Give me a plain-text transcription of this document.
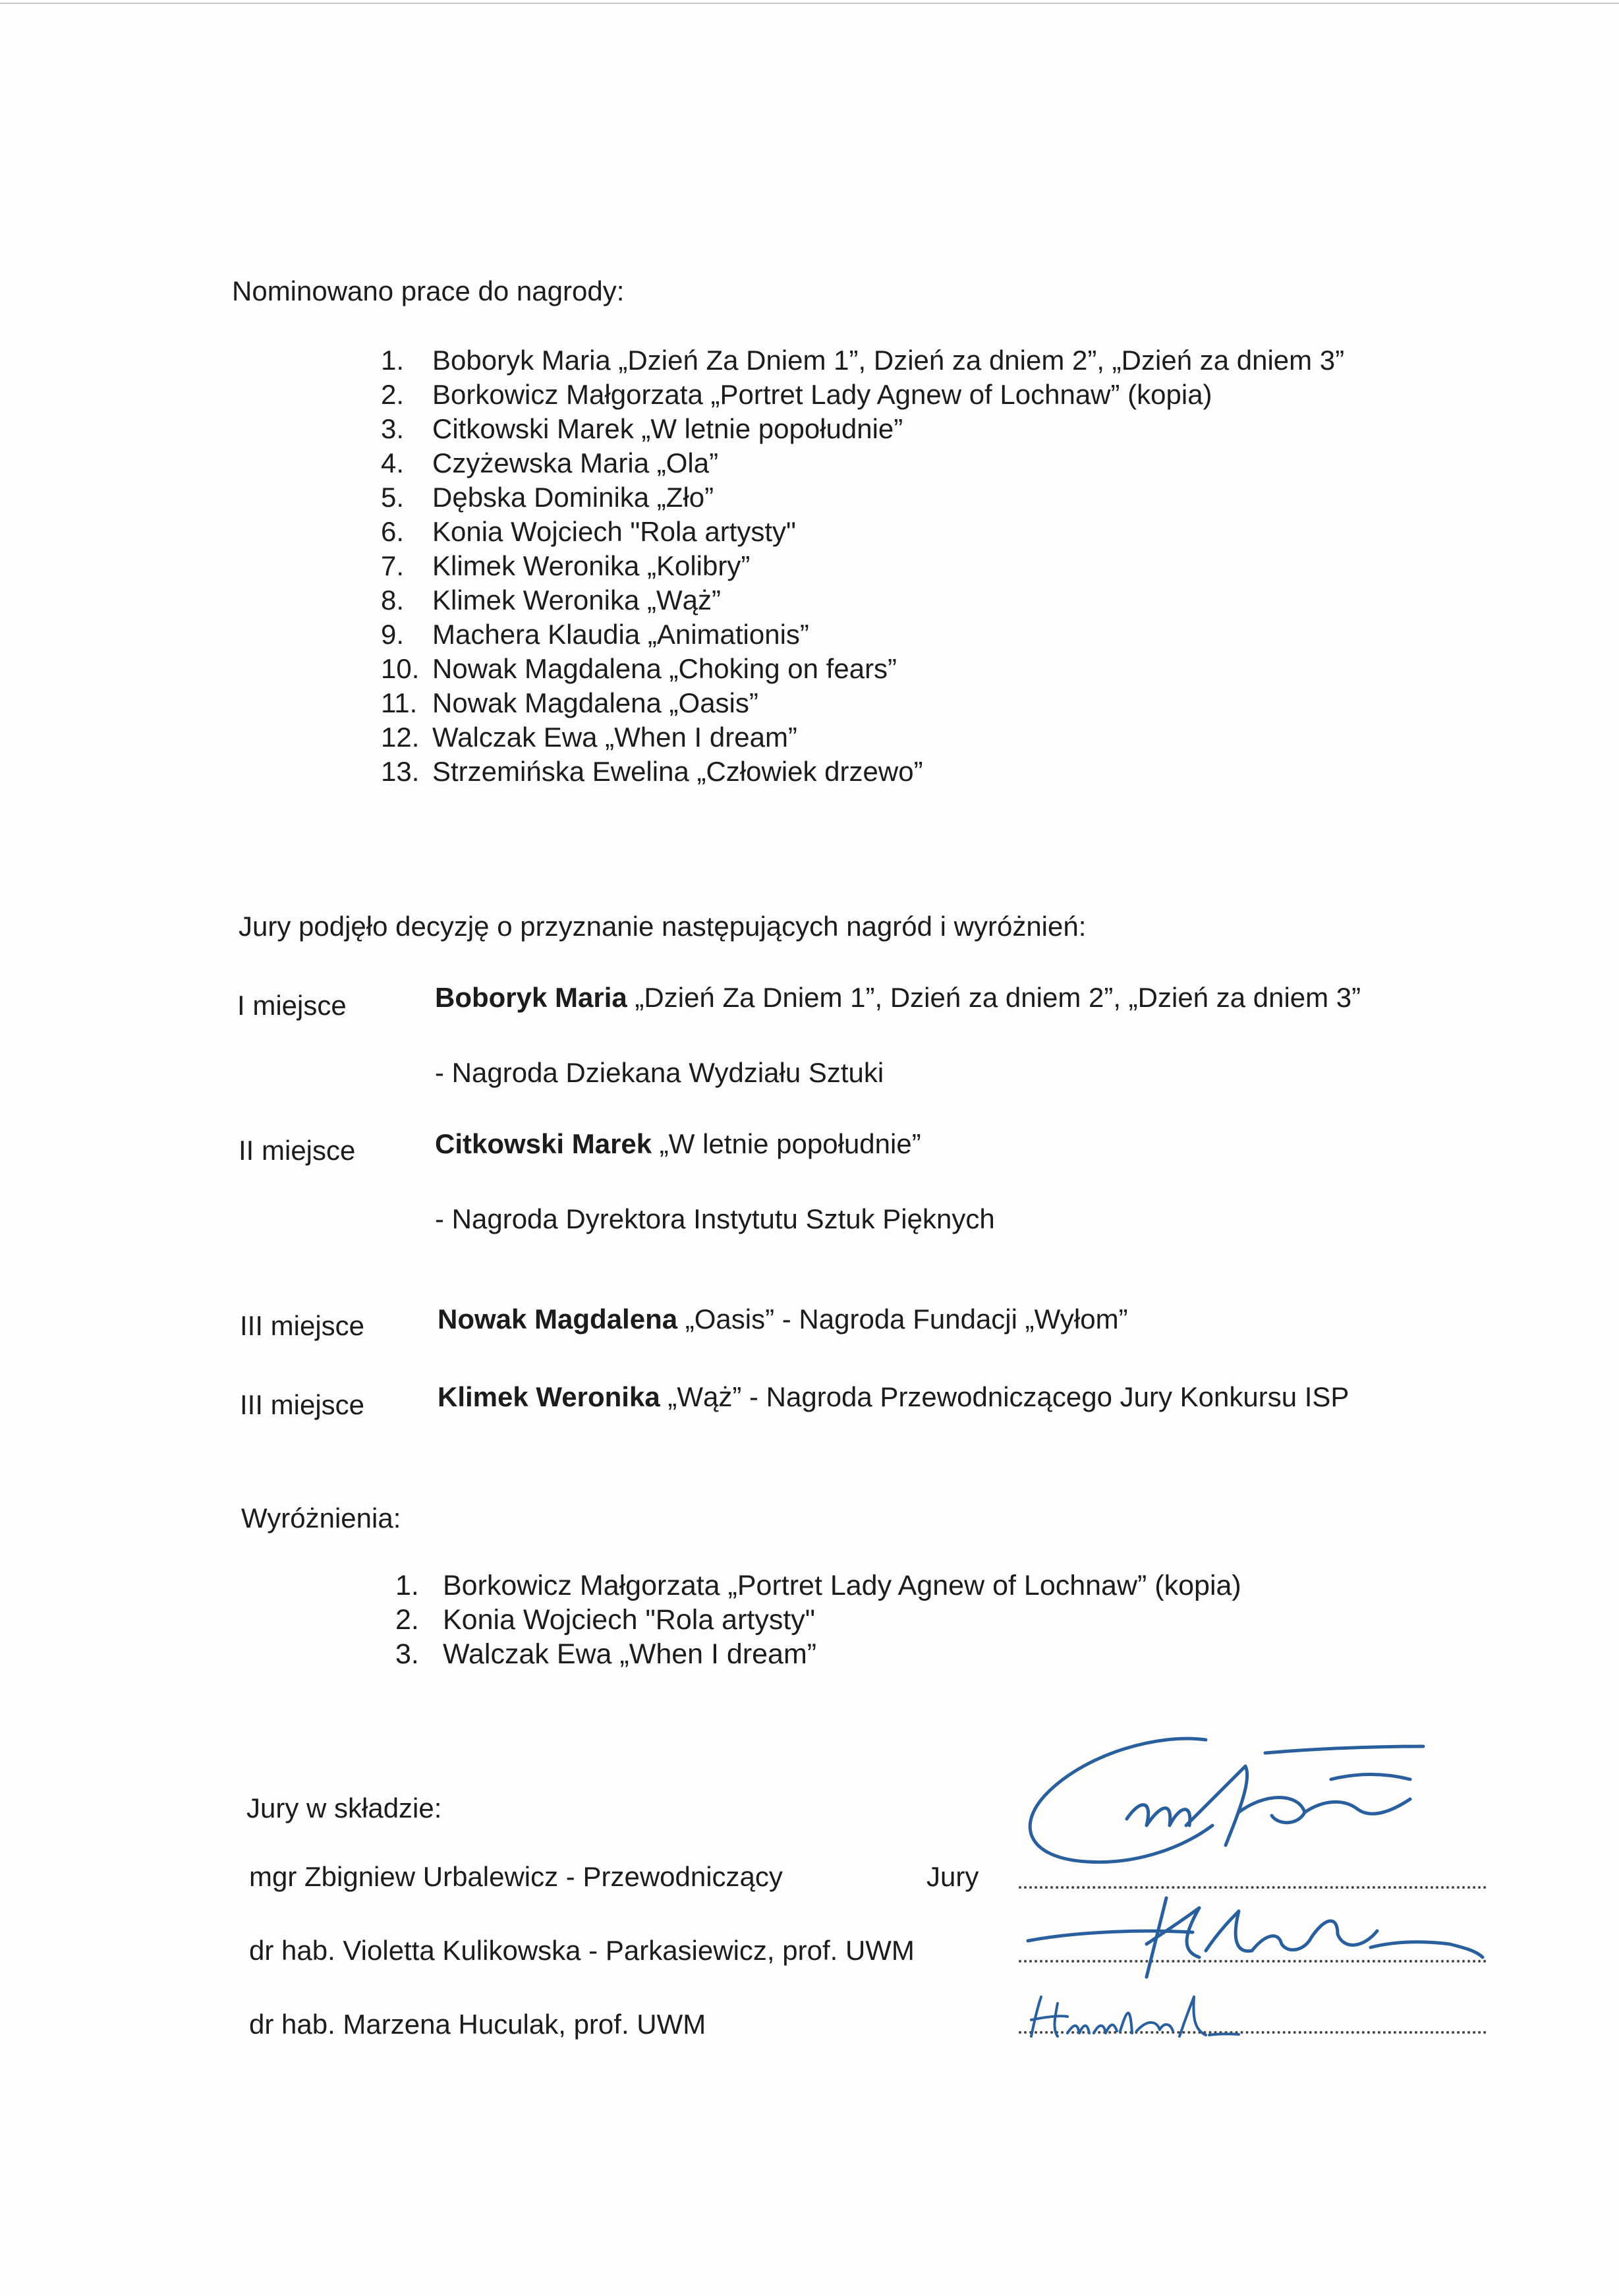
Nominowano prace do nagrody:
1.	Boboryk Maria „Dzień Za Dniem 1”, Dzień za dniem 2”, „Dzień za dniem 3”
2.	Borkowicz Małgorzata „Portret Lady Agnew of Lochnaw” (kopia)
3.	Citkowski Marek „W letnie popołudnie”
4.	Czyżewska Maria „Ola”
5.	Dębska Dominika „Zło”
6.	Konia Wojciech "Rola artysty"
7.	Klimek Weronika „Kolibry”
8.	Klimek Weronika „Wąż”
9.	Machera Klaudia „Animationis”
10. Nowak Magdalena „Choking on fears”
11. Nowak Magdalena „Oasis”
12. Walczak Ewa „When I dream”
13. Strzemińska Ewelina „Człowiek drzewo”
Jury podjęło decyzję o przyznanie następujących nagród i wyróżnień:
I miejsce	Boboryk Maria „Dzień Za Dniem 1”, Dzień za dniem 2”, „Dzień za dniem 3”
- Nagroda Dziekana Wydziału Sztuki
II miejsce	Citkowski Marek „W letnie popołudnie”
- Nagroda Dyrektora Instytutu Sztuk Pięknych
III miejsce	Nowak Magdalena „Oasis” - Nagroda Fundacji „Wyłom”
III miejsce	Klimek Weronika „Wąż” - Nagroda Przewodniczącego Jury Konkursu ISP
Wyróżnienia:
1. Borkowicz Małgorzata „Portret Lady Agnew of Lochnaw” (kopia)
2. Konia Wojciech "Rola artysty"
3. Walczak Ewa „When I dream”
Jury w składzie:
mgr Zbigniew Urbalewicz - Przewodniczący	Jury
dr hab. Violetta Kulikowska - Parkasiewicz, prof. UWM
dr hab. Marzena Huculak, prof. UWM
